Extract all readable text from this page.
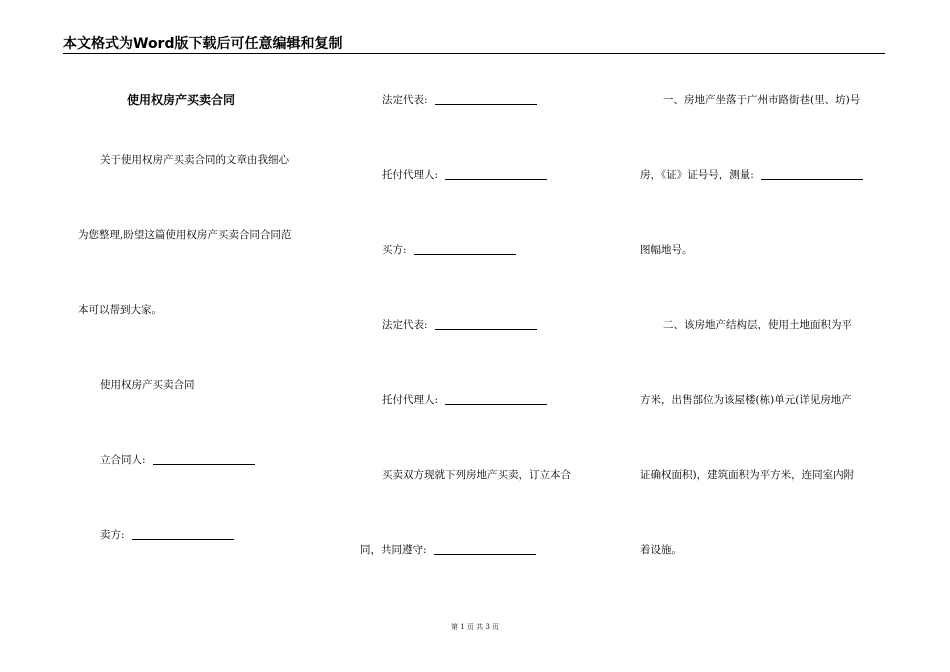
本文格式为Word版下载后可任意编辑和复制
使用权房产买卖合同
关于使用权房产买卖合同的文章由我细心
为您整理,盼望这篇使用权房产买卖合同合同范
本可以帮到大家。
使用权房产买卖合同
立合同人:
卖方:
法定代表:
托付代理人:
买方:
法定代表:
托付代理人:
买卖双方现就下列房地产买卖，订立本合
同，共同遵守:
一、房地产坐落于广州市路街巷(里、坊)号
房，《证》证号号，测量:
图幅地号。
二、该房地产结构层，使用土地面积为平
方米，出售部位为该屋楼(栋)单元(详见房地产
证确权面积)，建筑面积为平方米，连同室内附
着设施。
第 1 页 共 3 页
